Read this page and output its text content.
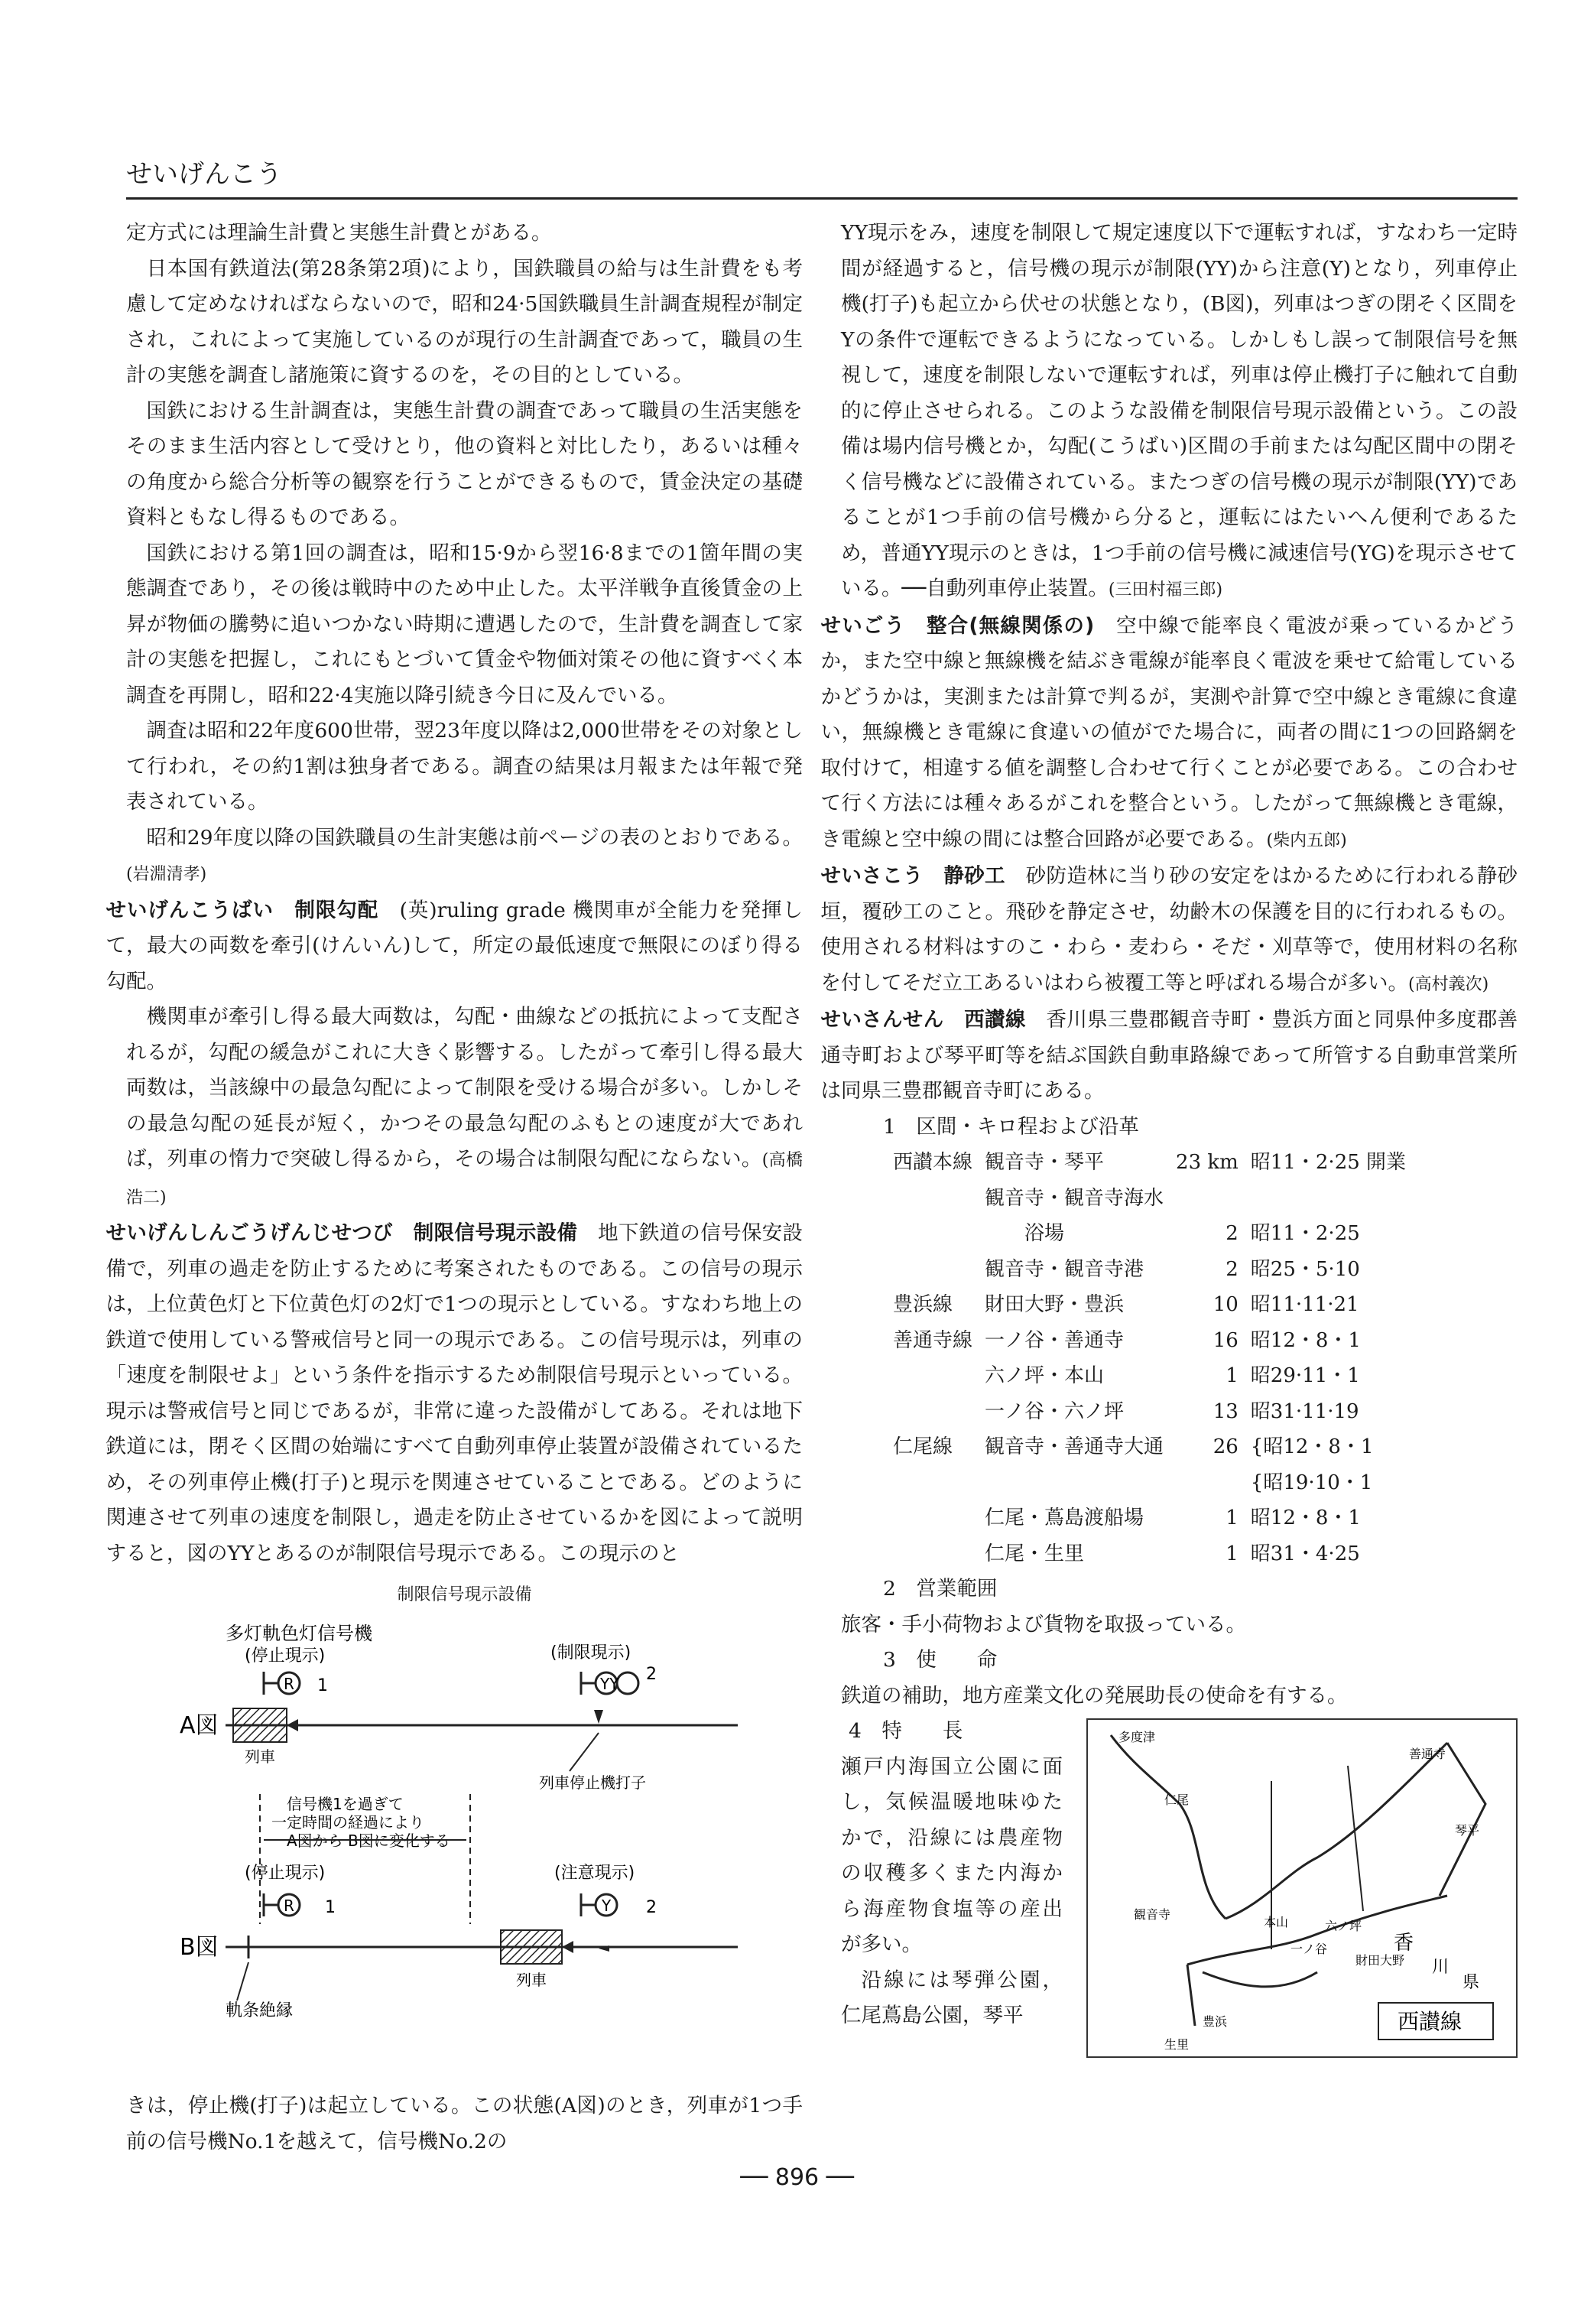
せいげんこう

定方式には理論生計費と実態生計費とがある。

日本国有鉄道法(第28条第2項)により，国鉄職員の給与は生計費をも考慮して定めなければならないので，昭和24·5国鉄職員生計調査規程が制定され，これによって実施しているのが現行の生計調査であって，職員の生計の実態を調査し諸施策に資するのを，その目的としている。

国鉄における生計調査は，実態生計費の調査であって職員の生活実態をそのまま生活内容として受けとり，他の資料と対比したり，あるいは種々の角度から総合分析等の観察を行うことができるもので，賃金決定の基礎資料ともなし得るものである。

国鉄における第1回の調査は，昭和15·9から翌16·8までの1箇年間の実態調査であり，その後は戦時中のため中止した。太平洋戦争直後賃金の上昇が物価の騰勢に追いつかない時期に遭遇したので，生計費を調査して家計の実態を把握し，これにもとづいて賃金や物価対策その他に資すべく本調査を再開し，昭和22·4実施以降引続き今日に及んでいる。

調査は昭和22年度600世帯，翌23年度以降は2,000世帯をその対象として行われ，その約1割は独身者である。調査の結果は月報または年報で発表されている。

昭和29年度以降の国鉄職員の生計実態は前ページの表のとおりである。(岩淵清孝)

せいげんこうばい　制限勾配　 (英)ruling grade 機関車が全能力を発揮して，最大の両数を牽引(けんいん)して，所定の最低速度で無限にのぼり得る勾配。

機関車が牽引し得る最大両数は，勾配・曲線などの抵抗によって支配されるが，勾配の緩急がこれに大きく影響する。したがって牽引し得る最大両数は，当該線中の最急勾配によって制限を受ける場合が多い。しかしその最急勾配の延長が短く，かつその最急勾配のふもとの速度が大であれば，列車の惰力で突破し得るから，その場合は制限勾配にならない。(高橋浩二)

せいげんしんごうげんじせつび　制限信号現示設備　 地下鉄道の信号保安設備で，列車の過走を防止するために考案されたものである。この信号の現示は，上位黄色灯と下位黄色灯の2灯で1つの現示としている。すなわち地上の鉄道で使用している警戒信号と同一の現示である。この信号現示は，列車の「速度を制限せよ」という条件を指示するため制限信号現示といっている。現示は警戒信号と同じであるが，非常に違った設備がしてある。それは地下鉄道には，閉そく区間の始端にすべて自動列車停止装置が設備されているため，その列車停止機(打子)と現示を関連させていることである。どのように関連させて列車の速度を制限し，過走を防止させているかを図によって説明すると，図のYYとあるのが制限信号現示である。この現示のと

制限信号現示設備

多灯軌色灯信号機
(停止現示)	(制限現示)
R 1	YY 2
A図
列車
列車停止機打子
信号機1を過ぎて
一定時間の経過により
A図から B図に変化する
(停止現示)	(注意現示)
R 1	Y 2
B図
列車
軌条絶縁

きは，停止機(打子)は起立している。この状態(A図)のとき，列車が1つ手前の信号機No.1を越えて，信号機No.2の

YY現示をみ，速度を制限して規定速度以下で運転すれば，すなわち一定時間が経過すると，信号機の現示が制限(YY)から注意(Y)となり，列車停止機(打子)も起立から伏せの状態となり，(B図)，列車はつぎの閉そく区間をYの条件で運転できるようになっている。しかしもし誤って制限信号を無視して，速度を制限しないで運転すれば，列車は停止機打子に触れて自動的に停止させられる。このような設備を制限信号現示設備という。この設備は場内信号機とか，勾配(こうばい)区間の手前または勾配区間中の閉そく信号機などに設備されている。またつぎの信号機の現示が制限(YY)であることが1つ手前の信号機から分ると，運転にはたいへん便利であるため，普通YY現示のときは，1つ手前の信号機に減速信号(YG)を現示させている。──自動列車停止装置。(三田村福三郎)

せいごう　整合(無線関係の)　 空中線で能率良く電波が乗っているかどうか，また空中線と無線機を結ぶき電線が能率良く電波を乗せて給電しているかどうかは，実測または計算で判るが，実測や計算で空中線とき電線に食違い，無線機とき電線に食違いの値がでた場合に，両者の間に1つの回路網を取付けて，相違する値を調整し合わせて行くことが必要である。この合わせて行く方法には種々あるがこれを整合という。したがって無線機とき電線，き電線と空中線の間には整合回路が必要である。(柴内五郎)

せいさこう　静砂工　 砂防造林に当り砂の安定をはかるために行われる静砂垣，覆砂工のこと。飛砂を静定させ，幼齢木の保護を目的に行われるもの。使用される材料はすのこ・わら・麦わら・そだ・刈草等で，使用材料の名称を付してそだ立工あるいはわら被覆工等と呼ばれる場合が多い。(高村義次)

せいさんせん　西讃線　 香川県三豊郡観音寺町・豊浜方面と同県仲多度郡善通寺町および琴平町等を結ぶ国鉄自動車路線であって所管する自動車営業所は同県三豊郡観音寺町にある。

1　区間・キロ程および沿革

西讃本線	観音寺・琴平	23 km	昭11・2·25 開業
	観音寺・観音寺海水		
	　　浴場	2	昭11・2·25
	観音寺・観音寺港	2	昭25・5·10
豊浜線	財田大野・豊浜	10	昭11·11·21
善通寺線	一ノ谷・善通寺	16	昭12・8・1
	六ノ坪・本山	1	昭29·11・1
	一ノ谷・六ノ坪	13	昭31·11·19
仁尾線	観音寺・善通寺大通	26	{昭12・8・1
			{昭19·10・1
	仁尾・蔦島渡船場	1	昭12・8・1
	仁尾・生里	1	昭31・4·25

2　営業範囲

旅客・手小荷物および貨物を取扱っている。

3　使　　命

鉄道の補助，地方産業文化の発展助長の使命を有する。

4　特　　長

瀬戸内海国立公園に面し，気候温暖地味ゆたかで，沿線には農産物の収穫多くまた内海から海産物食塩等の産出が多い。

沿線には琴弾公園，仁尾蔦島公園，琴平

多度津
琴平
観音寺
仁尾
善通寺
本山	六ノ坪
一ノ谷
豊浜
財田大野
生里
香
川
県
西讃線
── 896 ──
